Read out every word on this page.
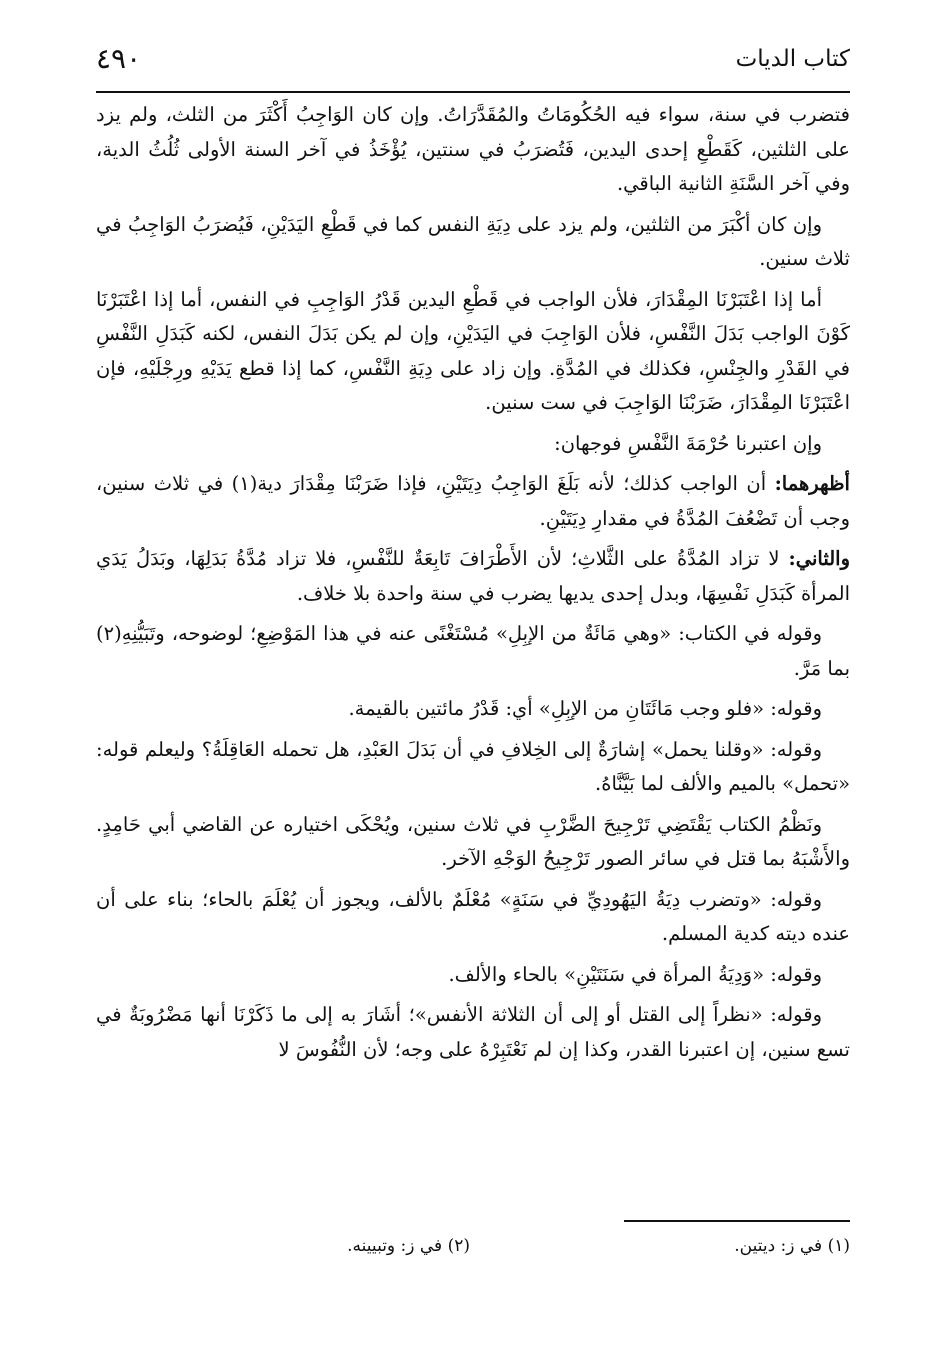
كتاب الديات
٤٩٠

فتضرب في سنة، سواء فيه الحُكُومَاتُ والمُقَدَّرَاتُ. وإن كان الوَاجِبُ أَكْثَرَ من الثلث، ولم يزد على الثلثين، كَقَطْعِ إحدى اليدين، فَتُضرَبُ في سنتين، يُؤْخَذُ في آخر السنة الأولى ثُلُثُ الدية، وفي آخر السَّنَةِ الثانية الباقي.

وإن كان أكْبَرَ من الثلثين، ولم يزد على دِيَةِ النفس كما في قَطْعِ اليَدَيْنِ، فَيُضرَبُ الوَاجِبُ في ثلاث سنين.

أما إذا اعْتَبَرْنَا المِقْدَارَ، فلأن الواجب في قَطْعِ اليدين قَدْرُ الوَاجِبِ في النفس، أما إذا اعْتَبَرْنَا كَوْنَ الواجب بَدَلَ النَّفْسِ، فلأن الوَاجِبَ في اليَدَيْنِ، وإن لم يكن بَدَلَ النفس، لكنه كَبَدَلِ النَّفْسِ في القَدْرِ والجِنْسِ، فكذلك في المُدَّةِ. وإن زاد على دِيَةِ النَّفْسِ، كما إذا قطع يَدَيْهِ ورِجْلَيْهِ، فإن اعْتَبَرْنَا المِقْدَارَ، ضَرَبْنَا الوَاجِبَ في ست سنين.

وإن اعتبرنا حُرْمَةَ النَّفْسِ فوجهان:

أظهرهما: أن الواجب كذلك؛ لأنه بَلَغَ الوَاجِبُ دِيَتَيْنِ، فإذا ضَرَبْنَا مِقْدَارَ دية(١) في ثلاث سنين، وجب أن تَضْعُفَ المُدَّةُ في مقدارِ دِيَتَيْنِ.

والثاني: لا تزاد المُدَّةُ على الثَّلاثِ؛ لأن الأَطْرَافَ تَابِعَةٌ للنَّفْسِ، فلا تزاد مُدَّةُ بَدَلِهَا، وبَدَلُ يَدَي المرأة كَبَدَلِ نَفْسِهَا، وبدل إحدى يديها يضرب في سنة واحدة بلا خلاف.

وقوله في الكتاب: «وهي مَائَةٌ من الإبِلِ» مُسْتَغْنًى عنه في هذا المَوْضِعِ؛ لوضوحه، وتَبَيُّنِهِ(٢) بما مَرَّ.

وقوله: «فلو وجب مَائَتَانِ من الإبِلِ» أي: قَدْرُ مائتين بالقيمة.

وقوله: «وقلنا يحمل» إشارَةٌ إلى الخِلافِ في أن بَدَلَ العَبْدِ، هل تحمله العَاقِلَةُ؟ وليعلم قوله: «تحمل» بالميم والألف لما بَيَّنَّاهُ.

ونَظْمُ الكتاب يَقْتَضِي تَرْجِيحَ الضَّرْبِ في ثلاث سنين، ويُحْكَى اختياره عن القاضي أبي حَامِدٍ. والأَشْبَهُ بما قتل في سائر الصور تَرْجِيحُ الوَجْهِ الآخر.

وقوله: «وتضرب دِيَةُ اليَهُودِيِّ في سَنَةٍ» مُعْلَمٌ بالألف، ويجوز أن يُعْلَمَ بالحاء؛ بناء على أن عنده ديته كدية المسلم.

وقوله: «وَدِيَةُ المرأة في سَنَتَيْنِ» بالحاء والألف.

وقوله: «نظراً إلى القتل أو إلى أن الثلاثة الأنفس»؛ أشَارَ به إلى ما ذَكَرْنَا أنها مَضْرُوبَةٌ في تسع سنين، إن اعتبرنا القدر، وكذا إن لم نَعْتَبِرْهُ على وجه؛ لأن النُّفُوسَ لا

(١) في ز: ديتين.
(٢) في ز: وتبيينه.
